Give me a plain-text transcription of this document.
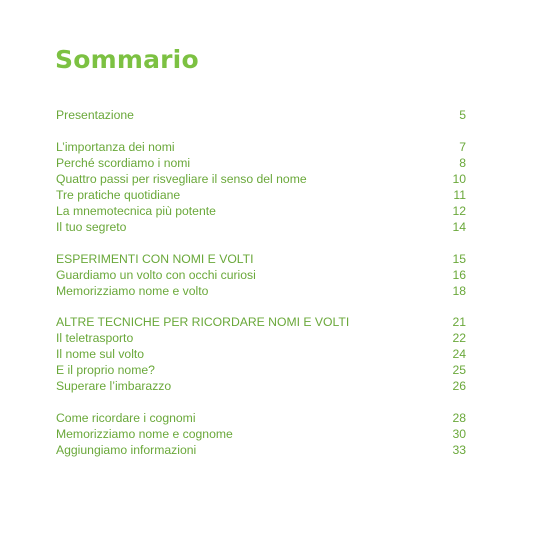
Sommario
Presentazione	5
L’importanza dei nomi	7
Perché scordiamo i nomi	8
Quattro passi per risvegliare il senso del nome	10
Tre pratiche quotidiane	11
La mnemotecnica più potente	12
Il tuo segreto	14
ESPERIMENTI CON NOMI E VOLTI	15
Guardiamo un volto con occhi curiosi	16
Memorizziamo nome e volto	18
ALTRE TECNICHE PER RICORDARE NOMI E VOLTI	21
Il teletrasporto	22
Il nome sul volto	24
E il proprio nome?	25
Superare l’imbarazzo	26
Come ricordare i cognomi	28
Memorizziamo nome e cognome	30
Aggiungiamo informazioni	33
